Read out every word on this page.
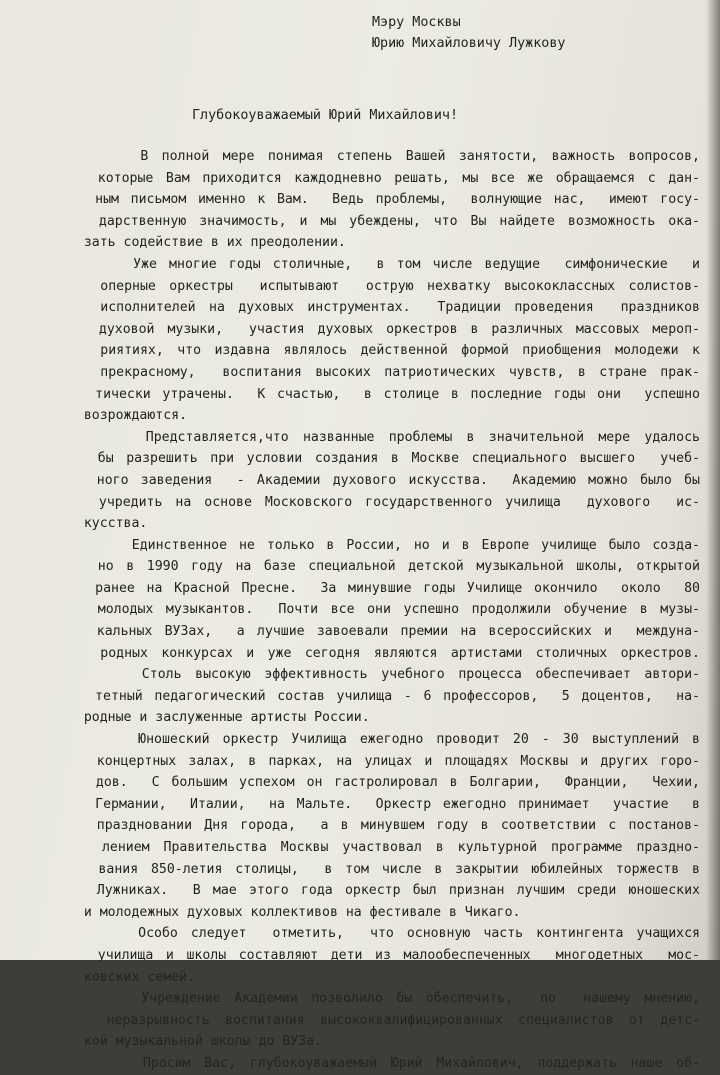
Мэру Москвы
Юрию Михайловичу Лужкову
Глубокоуважаемый Юрий Михайлович!
В полной мере понимая степень Вашей занятости, важность вопросов,
которые Вам приходится каждодневно решать, мы все же обращаемся с дан-
ным письмом именно к Вам.  Ведь проблемы,  волнующие нас,  имеют госу-
дарственную значимость, и мы убеждены, что Вы найдете возможность ока-
зать содействие в их преодолении.
Уже многие годы столичные,  в том числе ведущие  симфонические  и
оперные оркестры  испытывают  острую нехватку высококлассных солистов-
исполнителей на духовых инструментах.  Традиции проведения  праздников
духовой музыки,  участия духовых оркестров в различных массовых мероп-
риятиях, что издавна являлось действенной формой приобщения молодежи к
прекрасному,  воспитания высоких патриотических чувств, в стране прак-
тически утрачены.  К счастью,  в столице в последние годы они  успешно
возрождаются.
Представляется,что названные проблемы в значительной мере удалось
бы разрешить при условии создания в Москве специального высшего  учеб-
ного заведения  - Академии духового искусства.  Академию можно было бы
учредить на основе Московского государственного училища  духового  ис-
кусства.
Единственное не только в России, но и в Европе училище было созда-
но в 1990 году на базе специальной детской музыкальной школы, открытой
ранее на Красной Пресне.  За минувшие годы Училище окончило  около  80
молодых музыкантов.  Почти все они успешно продолжили обучение в музы-
кальных ВУЗах,  а лучшие завоевали премии на всероссийских и  междуна-
родных конкурсах и уже сегодня являются артистами столичных оркестров.
Столь высокую эффективность учебного процесса обеспечивает автори-
тетный педагогический состав училища - 6 профессоров,  5 доцентов,  на-
родные и заслуженные артисты России.
Юношеский оркестр Училища ежегодно проводит 20 - 30 выступлений в
концертных залах, в парках, на улицах и площадях Москвы и других горо-
дов.  С большим успехом он гастролировал в Болгарии,  Франции,  Чехии,
Германии,  Италии,  на Мальте.  Оркестр ежегодно принимает  участие  в
праздновании Дня города,  а в минувшем году в соответствии с постанов-
лением Правительства Москвы участвовал в культурной программе праздно-
вания 850-летия столицы,  в том числе в закрытии юбилейных торжеств в
Лужниках.  В мае этого года оркестр был признан лучшим среди юношеских
и молодежных духовых коллективов на фестивале в Чикаго.
Особо следует  отметить,  что основную часть контингента учащихся
училища и школы составляют дети из малообеспеченных  многодетных  мос-
ковских семей.
Учреждение Академии позволило бы обеспечить,  по  нашему мнению,
неразрывность воспитания высококвалифицированных специалистов от детс-
кой музыкальной школы до ВУЗа.
Просим Вас, глубокоуважаемый Юрий Михайлович, поддержать наше об-
